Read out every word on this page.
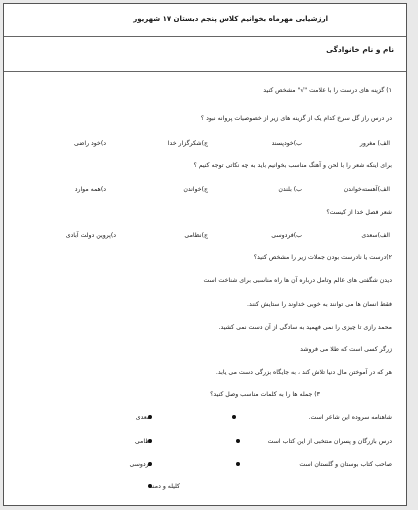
ارزشیابی مهرماه بخوانیم کلاس پنجم دبستان ۱۷ شهریور
نام و نام خانوادگی
۱) گزینه های درست را با علامت "√" مشخص کنید
در درس راز گل سرخ کدام یک از گزینه های زیر از خصوصیات پروانه نبود ؟
الف) مغرور
ب)خودپسند
ج)شکرگزار خدا
د)خود راضی
برای اینکه شعر را با لحن و آهنگ مناسب بخوانیم باید به چه نکاتی توجه کنیم ؟
الف)آهسته‌خواندن
ب) بلندن
ج)خواندن
د)همه موارد
شعر فصل خدا از کیست؟
الف)سعدی
ب)فردوسی
ج)نظامی
د)پروین دولت آبادی
۲)درست یا نادرست بودن جملات زیر را مشخص کنید؟
دیدن شگفتی های عالم وتامل درباره آن ها راه مناسبی برای شناخت است
فقط انسان ها می توانند به خوبی خداوند را ستایش کنند.
محمد رازی تا چیزی را نمی فهمید به سادگی از آن دست نمی کشید.
زرگر کسی است که طلا می فروشد
هر که در آموختن مال دنیا تلاش کند ، به جایگاه بزرگی دست می یابد.
۳) جمله ها را به کلمات مناسب وصل کنید؟
شاهنامه سروده این شاعر است.
سعدی
درس بازرگان و پسران منتخبی از این کتاب است
نظامی
صاحب کتاب بوستان و گلستان است
فردوسی
کلیله و دمنه
